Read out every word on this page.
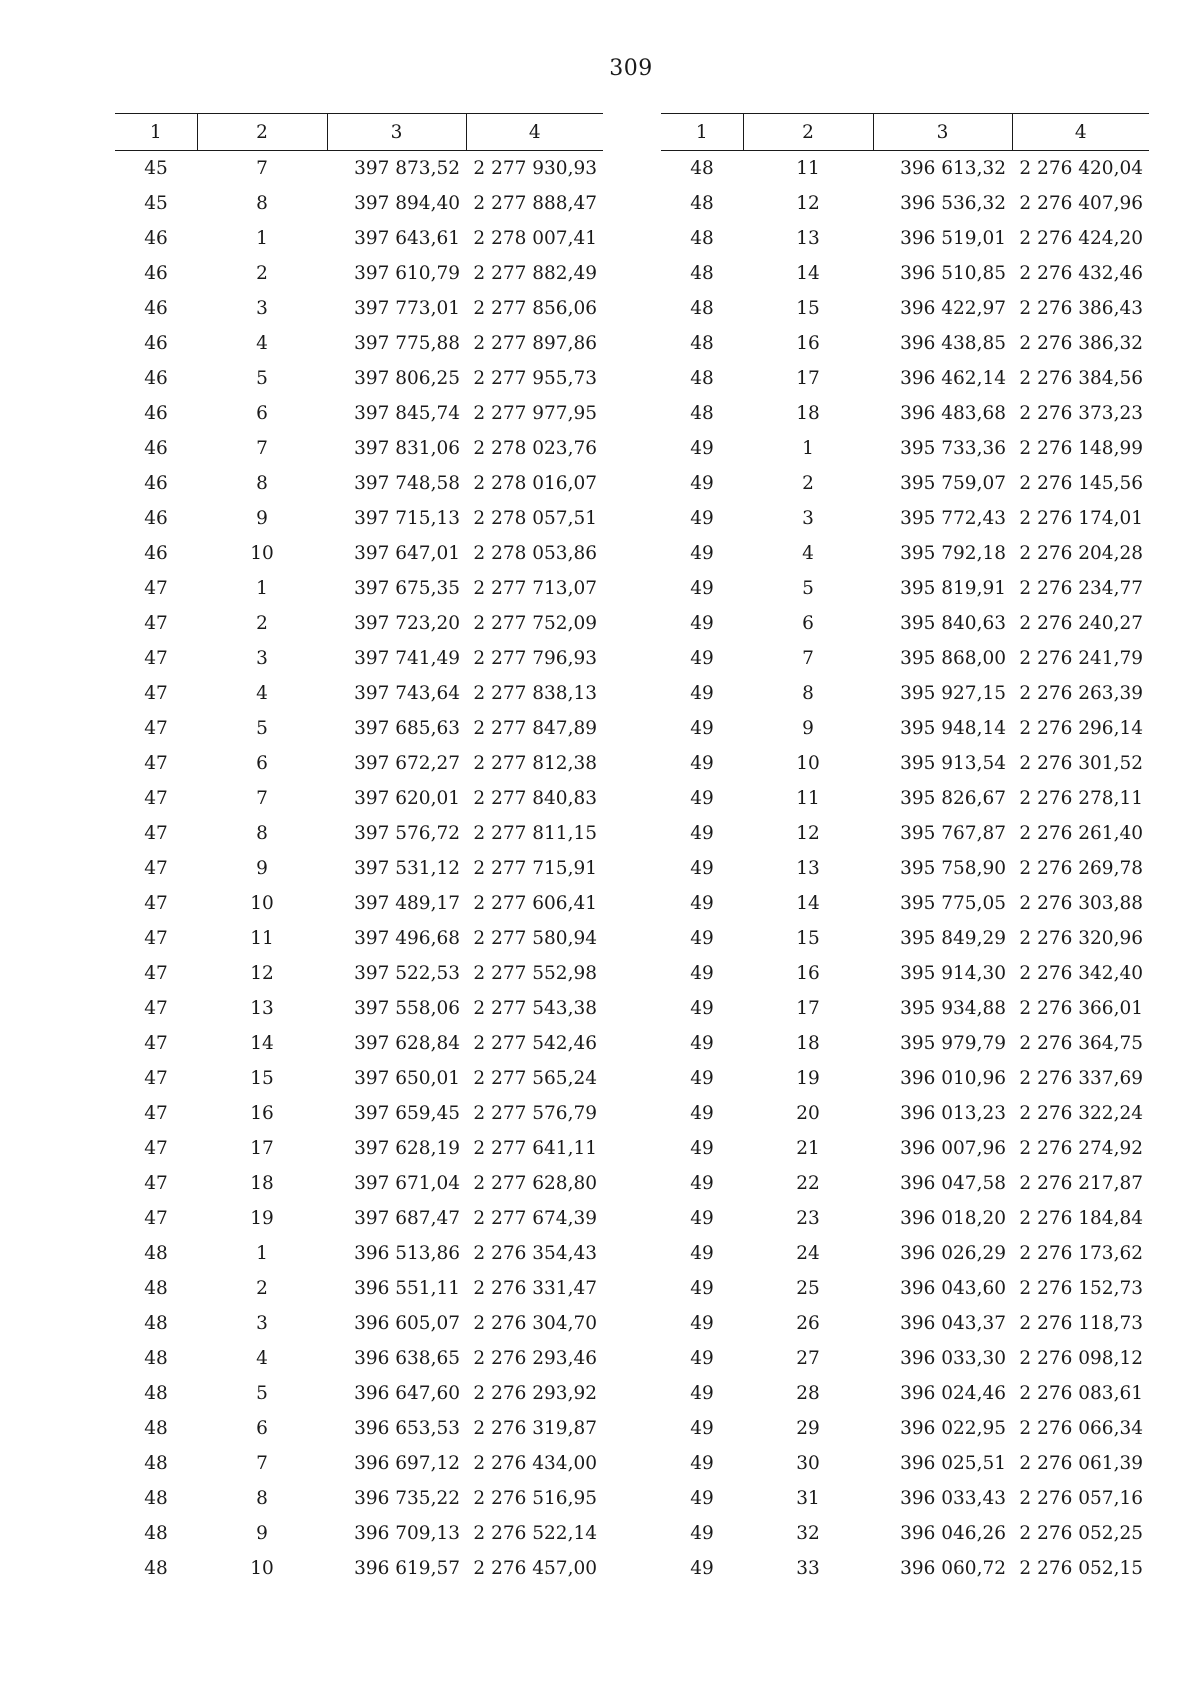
309
1	2	3	4
45	7	397 873,52	2 277 930,93
45	8	397 894,40	2 277 888,47
46	1	397 643,61	2 278 007,41
46	2	397 610,79	2 277 882,49
46	3	397 773,01	2 277 856,06
46	4	397 775,88	2 277 897,86
46	5	397 806,25	2 277 955,73
46	6	397 845,74	2 277 977,95
46	7	397 831,06	2 278 023,76
46	8	397 748,58	2 278 016,07
46	9	397 715,13	2 278 057,51
46	10	397 647,01	2 278 053,86
47	1	397 675,35	2 277 713,07
47	2	397 723,20	2 277 752,09
47	3	397 741,49	2 277 796,93
47	4	397 743,64	2 277 838,13
47	5	397 685,63	2 277 847,89
47	6	397 672,27	2 277 812,38
47	7	397 620,01	2 277 840,83
47	8	397 576,72	2 277 811,15
47	9	397 531,12	2 277 715,91
47	10	397 489,17	2 277 606,41
47	11	397 496,68	2 277 580,94
47	12	397 522,53	2 277 552,98
47	13	397 558,06	2 277 543,38
47	14	397 628,84	2 277 542,46
47	15	397 650,01	2 277 565,24
47	16	397 659,45	2 277 576,79
47	17	397 628,19	2 277 641,11
47	18	397 671,04	2 277 628,80
47	19	397 687,47	2 277 674,39
48	1	396 513,86	2 276 354,43
48	2	396 551,11	2 276 331,47
48	3	396 605,07	2 276 304,70
48	4	396 638,65	2 276 293,46
48	5	396 647,60	2 276 293,92
48	6	396 653,53	2 276 319,87
48	7	396 697,12	2 276 434,00
48	8	396 735,22	2 276 516,95
48	9	396 709,13	2 276 522,14
48	10	396 619,57	2 276 457,00
1	2	3	4
48	11	396 613,32	2 276 420,04
48	12	396 536,32	2 276 407,96
48	13	396 519,01	2 276 424,20
48	14	396 510,85	2 276 432,46
48	15	396 422,97	2 276 386,43
48	16	396 438,85	2 276 386,32
48	17	396 462,14	2 276 384,56
48	18	396 483,68	2 276 373,23
49	1	395 733,36	2 276 148,99
49	2	395 759,07	2 276 145,56
49	3	395 772,43	2 276 174,01
49	4	395 792,18	2 276 204,28
49	5	395 819,91	2 276 234,77
49	6	395 840,63	2 276 240,27
49	7	395 868,00	2 276 241,79
49	8	395 927,15	2 276 263,39
49	9	395 948,14	2 276 296,14
49	10	395 913,54	2 276 301,52
49	11	395 826,67	2 276 278,11
49	12	395 767,87	2 276 261,40
49	13	395 758,90	2 276 269,78
49	14	395 775,05	2 276 303,88
49	15	395 849,29	2 276 320,96
49	16	395 914,30	2 276 342,40
49	17	395 934,88	2 276 366,01
49	18	395 979,79	2 276 364,75
49	19	396 010,96	2 276 337,69
49	20	396 013,23	2 276 322,24
49	21	396 007,96	2 276 274,92
49	22	396 047,58	2 276 217,87
49	23	396 018,20	2 276 184,84
49	24	396 026,29	2 276 173,62
49	25	396 043,60	2 276 152,73
49	26	396 043,37	2 276 118,73
49	27	396 033,30	2 276 098,12
49	28	396 024,46	2 276 083,61
49	29	396 022,95	2 276 066,34
49	30	396 025,51	2 276 061,39
49	31	396 033,43	2 276 057,16
49	32	396 046,26	2 276 052,25
49	33	396 060,72	2 276 052,15
